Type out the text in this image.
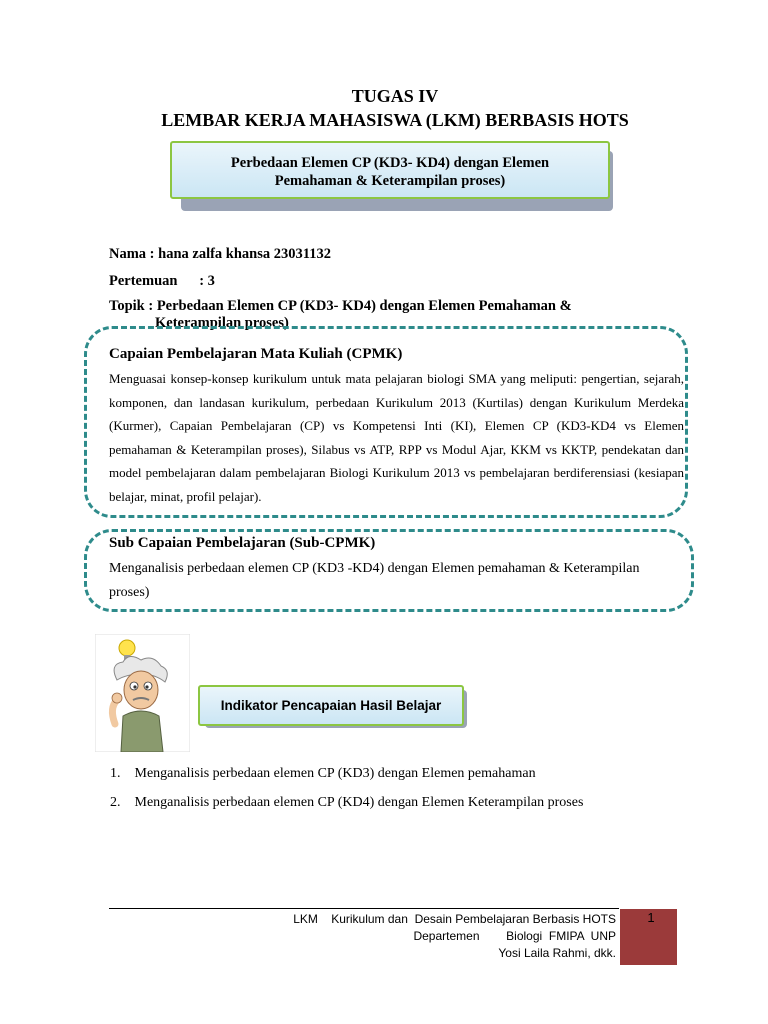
TUGAS IV
LEMBAR KERJA MAHASISWA (LKM) BERBASIS HOTS
Perbedaan Elemen CP (KD3- KD4) dengan Elemen
Pemahaman & Keterampilan proses)
Nama : hana zalfa khansa 23031132
Pertemuan      : 3
Topik : Perbedaan Elemen CP (KD3- KD4) dengan Elemen Pemahaman &
Keterampilan proses)
Capaian Pembelajaran Mata Kuliah (CPMK)
Menguasai konsep-konsep kurikulum untuk mata pelajaran biologi SMA yang meliputi: pengertian, sejarah, komponen, dan landasan kurikulum, perbedaan Kurikulum 2013 (Kurtilas) dengan Kurikulum Merdeka (Kurmer), Capaian Pembelajaran (CP) vs Kompetensi Inti (KI), Elemen CP (KD3-KD4 vs Elemen pemahaman & Keterampilan proses), Silabus vs ATP, RPP vs Modul Ajar, KKM vs KKTP, pendekatan dan model pembelajaran dalam pembelajaran Biologi Kurikulum 2013 vs pembelajaran berdiferensiasi (kesiapan belajar, minat, profil pelajar).
Sub Capaian Pembelajaran (Sub-CPMK)
Menganalisis perbedaan elemen CP (KD3 -KD4) dengan Elemen pemahaman & Keterampilan proses)
Indikator Pencapaian Hasil Belajar
1. Menganalisis perbedaan elemen CP (KD3) dengan Elemen pemahaman
2. Menganalisis perbedaan elemen CP (KD4) dengan Elemen Keterampilan proses
LKM    Kurikulum dan  Desain Pembelajaran Berbasis HOTS
Departemen        Biologi  FMIPA  UNP
Yosi Laila Rahmi, dkk.
1
